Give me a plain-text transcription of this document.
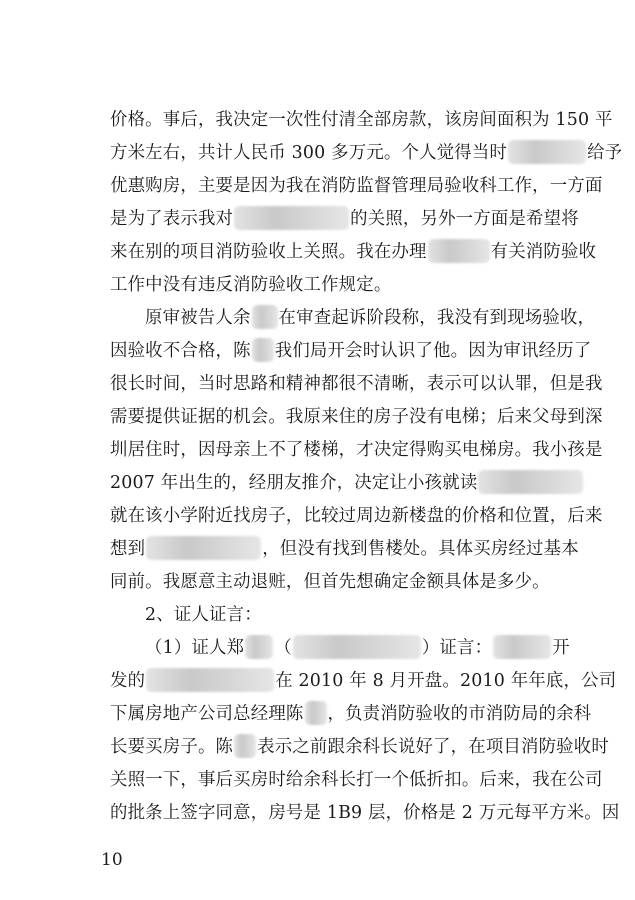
价格。事后，我决定一次性付清全部房款，该房间面积为 150 平
方米左右，共计人民币 300 多万元。个人觉得当时	给予
优惠购房，主要是因为我在消防监督管理局验收科工作，一方面
是为了表示我对	的关照，另外一方面是希望将
来在别的项目消防验收上关照。我在办理	有关消防验收
工作中没有违反消防验收工作规定。
原审被告人余 在审查起诉阶段称，我没有到现场验收，
因验收不合格，陈 我们局开会时认识了他。因为审讯经历了
很长时间，当时思路和精神都很不清晰，表示可以认罪，但是我
需要提供证据的机会。我原来住的房子没有电梯；后来父母到深
圳居住时，因母亲上不了楼梯，才决定得购买电梯房。我小孩是
2007 年出生的，经朋友推介，决定让小孩就读
就在该小学附近找房子，比较过周边新楼盘的价格和位置，后来
想到	，但没有找到售楼处。具体买房经过基本
同前。我愿意主动退赃，但首先想确定金额具体是多少。
2、证人证言：
（1）证人郑 （	）证言：	开
发的	在 2010 年 8 月开盘。2010 年年底，公司
下属房地产公司总经理陈 ，负责消防验收的市消防局的余科
长要买房子。陈 表示之前跟余科长说好了，在项目消防验收时
关照一下，事后买房时给余科长打一个低折扣。后来，我在公司
的批条上签字同意，房号是 1B9 层，价格是 2 万元每平方米。因
10
